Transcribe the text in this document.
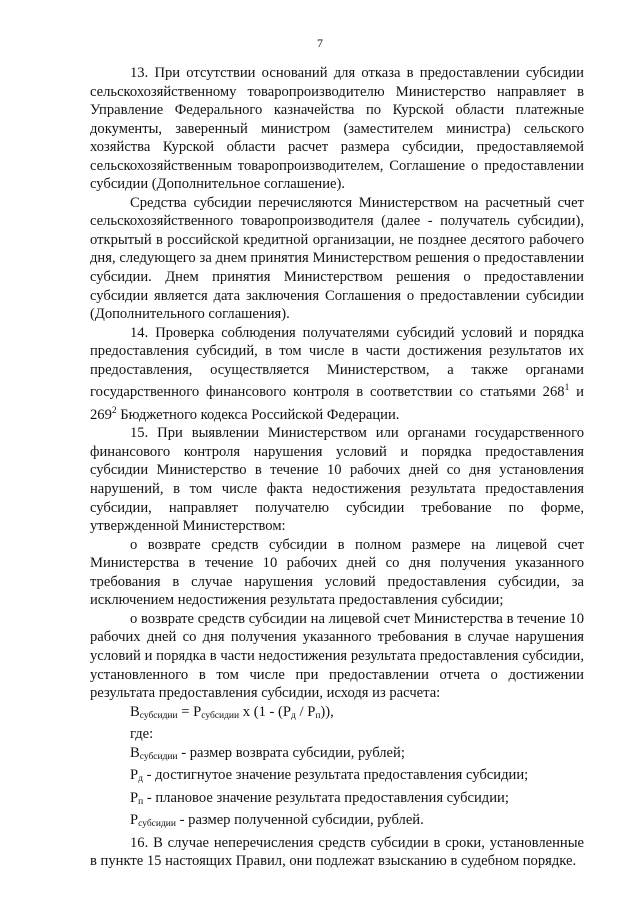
7

13. При отсутствии оснований для отказа в предоставлении субсидии сельскохозяйственному товаропроизводителю Министерство направляет в Управление Федерального казначейства по Курской области платежные документы, заверенный министром (заместителем министра) сельского хозяйства Курской области расчет размера субсидии, предоставляемой сельскохозяйственным товаропроизводителем, Соглашение о предоставлении субсидии (Дополнительное соглашение).

Средства субсидии перечисляются Министерством на расчетный счет сельскохозяйственного товаропроизводителя (далее - получатель субсидии), открытый в российской кредитной организации, не позднее десятого рабочего дня, следующего за днем принятия Министерством решения о предоставлении субсидии. Днем принятия Министерством решения о предоставлении субсидии является дата заключения Соглашения о предоставлении субсидии (Дополнительного соглашения).

14. Проверка соблюдения получателями субсидий условий и порядка предоставления субсидий, в том числе в части достижения результатов их предоставления, осуществляется Министерством, а также органами государственного финансового контроля в соответствии со статьями $268^1$ и $269^2$ Бюджетного кодекса Российской Федерации.

15. При выявлении Министерством или органами государственного финансового контроля нарушения условий и порядка предоставления субсидии Министерство в течение 10 рабочих дней со дня установления нарушений, в том числе факта недостижения результата предоставления субсидии, направляет получателю субсидии требование по форме, утвержденной Министерством:

о возврате средств субсидии в полном размере на лицевой счет Министерства в течение 10 рабочих дней со дня получения указанного требования в случае нарушения условий предоставления субсидии, за исключением недостижения результата предоставления субсидии;

о возврате средств субсидии на лицевой счет Министерства в течение 10 рабочих дней со дня получения указанного требования в случае нарушения условий и порядка в части недостижения результата предоставления субсидии, установленного в том числе при предоставлении отчета о достижении результата предоставления субсидии, исходя из расчета:

$В_{субсидии} = Р_{субсидии}$ х $(1 - (Р_д / Р_п))$,

где:

$В_{субсидии}$ - размер возврата субсидии, рублей;

$Р_д$ - достигнутое значение результата предоставления субсидии;

$Р_п$ - плановое значение результата предоставления субсидии;

$Р_{субсидии}$ - размер полученной субсидии, рублей.

16. В случае неперечисления средств субсидии в сроки, установленные в пункте 15 настоящих Правил, они подлежат взысканию в судебном порядке.
